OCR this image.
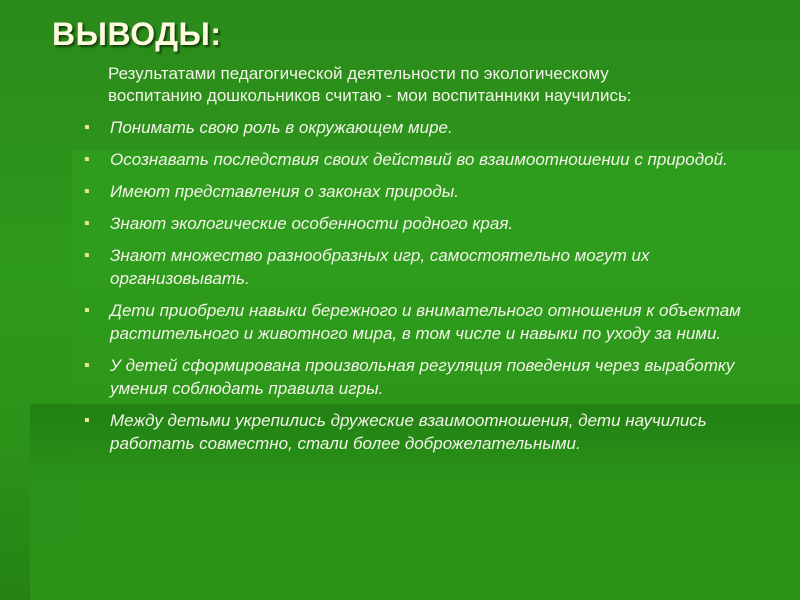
ВЫВОДЫ:
Результатами педагогической деятельности по экологическому
воспитанию дошкольников считаю - мои воспитанники научились:
▪ Понимать свою роль в окружающем мире.
▪ Осознавать последствия своих действий во взаимоотношении с природой.
▪ Имеют представления о законах природы.
▪ Знают экологические особенности родного края.
▪ Знают множество разнообразных игр, самостоятельно могут их организовывать.
▪ Дети приобрели навыки бережного и внимательного отношения к объектам растительного и животного мира, в том числе и навыки по уходу за ними.
▪ У детей сформирована произвольная регуляция поведения через выработку умения соблюдать правила игры.
▪ Между детьми укрепились дружеские взаимоотношения, дети научились работать совместно, стали более доброжелательными.
